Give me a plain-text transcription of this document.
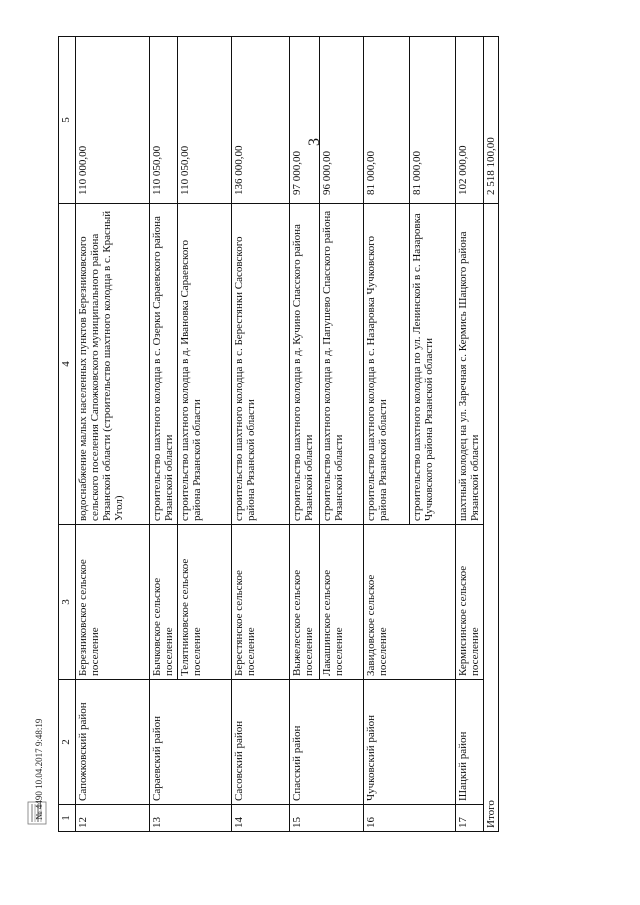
3
1	2	3	4	5
12	Сапожковский район	Березниковское сельское поселение	водоснабжение малых населенных пунктов Березниковского сельского поселения Сапожковского муниципального района Рязанской области (строительство шахтного колодца в с. Красный Угол)	110 000,00
13	Сараевский район	Бычковское сельское поселение	строительство шахтного колодца в с. Озерки Сараевского района Рязанской области	110 050,00
		Телятниковское сельское поселение	строительство шахтного колодца в д. Ивановка Сараевского района Рязанской области	110 050,00
14	Сасовский район	Берестянское сельское поселение	строительство шахтного колодца в с. Берестянки Сасовского района Рязанской области	136 000,00
15	Спасский район	Выжелесское сельское поселение	строительство шахтного колодца в д. Кучино Спасского района Рязанской области	97 000,00
		Лакашинское сельское поселение	строительство шахтного колодца в д. Папушево Спасского района Рязанской области	96 000,00
16	Чучковский район	Завидовское сельское поселение	строительство шахтного колодца в с. Назаровка Чучковского района Рязанской области	81 000,00
			строительство шахтного колодца по ул. Ленинской в с. Назаровка Чучковского района Рязанской области	81 000,00
17	Шацкий район	Кермисинское сельское поселение	шахтный колодец на ул. Заречная с. Кермись Шацкого района Рязанской области	102 000,00
Итого				2 518 100,00
№ 4490 10.04.2017 9:48:19
